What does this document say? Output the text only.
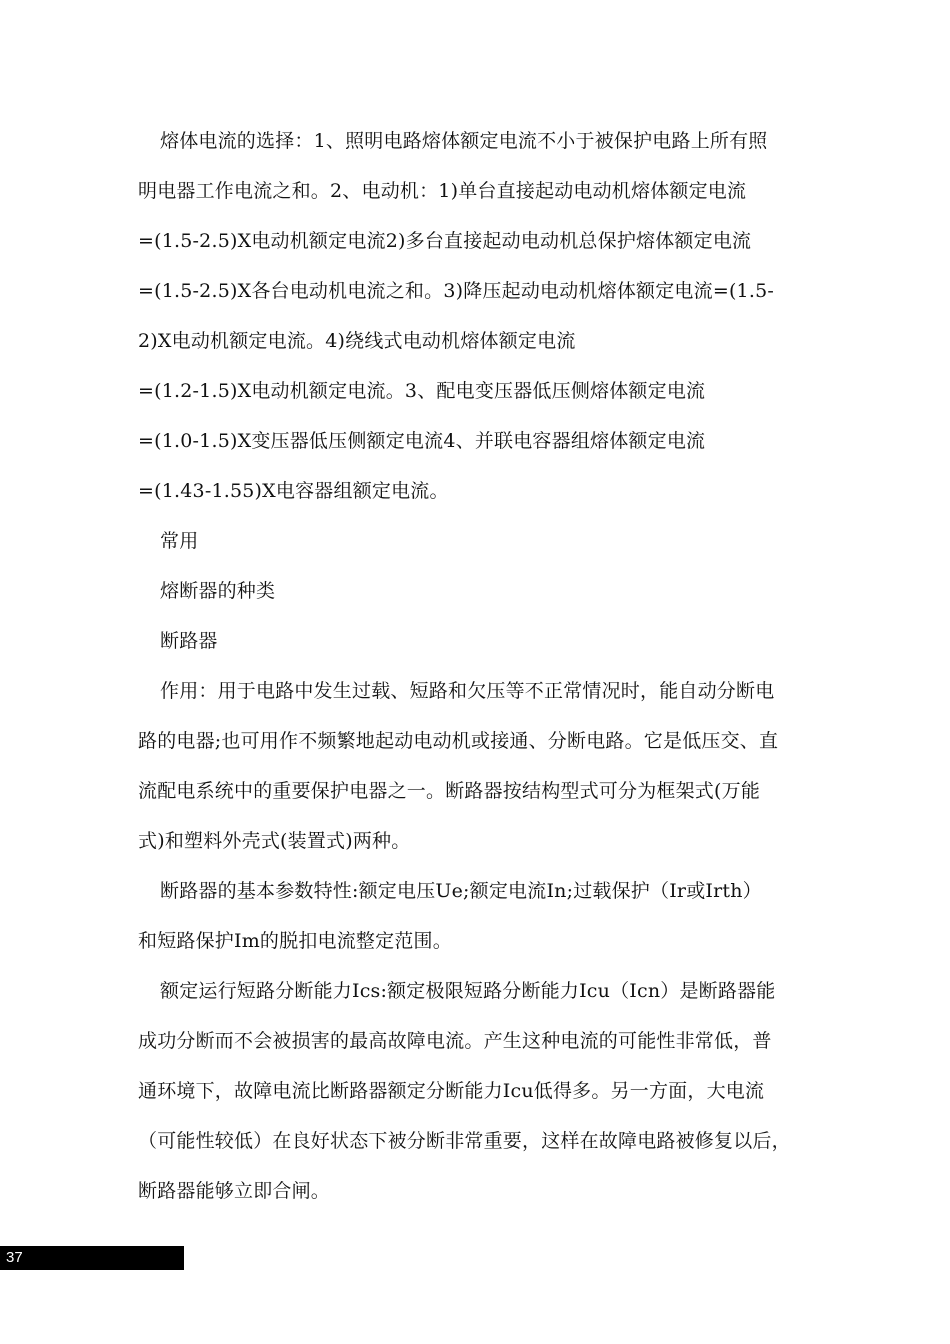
熔体电流的选择：1、照明电路熔体额定电流不小于被保护电路上所有照
明电器工作电流之和。2、电动机：1)单台直接起动电动机熔体额定电流
=(1.5-2.5)X电动机额定电流2)多台直接起动电动机总保护熔体额定电流
=(1.5-2.5)X各台电动机电流之和。3)降压起动电动机熔体额定电流=(1.5-
2)X电动机额定电流。4)绕线式电动机熔体额定电流
=(1.2-1.5)X电动机额定电流。3、配电变压器低压侧熔体额定电流
=(1.0-1.5)X变压器低压侧额定电流4、并联电容器组熔体额定电流
=(1.43-1.55)X电容器组额定电流。
常用
熔断器的种类
断路器
作用：用于电路中发生过载、短路和欠压等不正常情况时，能自动分断电
路的电器;也可用作不频繁地起动电动机或接通、分断电路。它是低压交、直
流配电系统中的重要保护电器之一。断路器按结构型式可分为框架式(万能
式)和塑料外壳式(装置式)两种。
断路器的基本参数特性:额定电压Ue;额定电流In;过载保护（Ir或Irth）
和短路保护Im的脱扣电流整定范围。
额定运行短路分断能力Ics:额定极限短路分断能力Icu（Icn）是断路器能
成功分断而不会被损害的最高故障电流。产生这种电流的可能性非常低，普
通环境下，故障电流比断路器额定分断能力Icu低得多。另一方面，大电流
（可能性较低）在良好状态下被分断非常重要，这样在故障电路被修复以后，
断路器能够立即合闸。
37
